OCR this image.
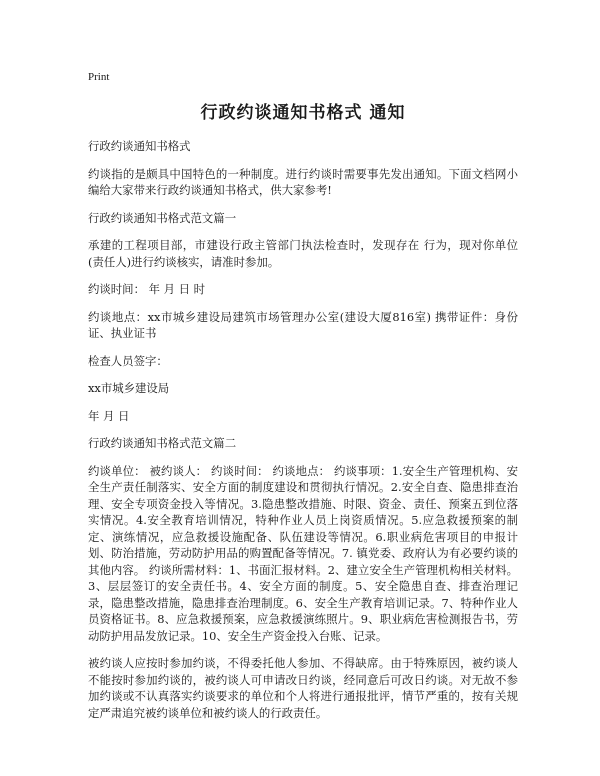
Print
行政约谈通知书格式 通知

行政约谈通知书格式

约谈指的是颇具中国特色的一种制度。进行约谈时需要事先发出通知。下面文档网小编给大家带来行政约谈通知书格式，供大家参考!

行政约谈通知书格式范文篇一

承建的工程项目部，市建设行政主管部门执法检查时，发现存在 行为，现对你单位 (责任人)进行约谈核实，请准时参加。

约谈时间： 年 月 日 时

约谈地点：xx市城乡建设局建筑市场管理办公室(建设大厦816室) 携带证件：身份证、执业证书

检查人员签字：

xx市城乡建设局

年 月 日

行政约谈通知书格式范文篇二

约谈单位： 被约谈人： 约谈时间： 约谈地点： 约谈事项：1.安全生产管理机构、安全生产责任制落实、安全方面的制度建设和贯彻执行情况。2.安全自查、隐患排查治理、安全专项资金投入等情况。3.隐患整改措施、时限、资金、责任、预案五到位落实情况。4.安全教育培训情况，特种作业人员上岗资质情况。5.应急救援预案的制定、演练情况，应急救援设施配备、队伍建设等情况。6.职业病危害项目的申报计划、防治措施，劳动防护用品的购置配备等情况。7. 镇党委、政府认为有必要约谈的其他内容。 约谈所需材料：1、书面汇报材料。2、建立安全生产管理机构相关材料。3、层层签订的安全责任书。4、安全方面的制度。5、安全隐患自查、排查治理记录，隐患整改措施，隐患排查治理制度。6、安全生产教育培训记录。7、特种作业人员资格证书。8、应急救援预案，应急救援演练照片。9、职业病危害检测报告书，劳动防护用品发放记录。10、安全生产资金投入台账、记录。

被约谈人应按时参加约谈，不得委托他人参加、不得缺席。由于特殊原因，被约谈人不能按时参加约谈的，被约谈人可申请改日约谈，经同意后可改日约谈。对无故不参加约谈或不认真落实约谈要求的单位和个人将进行通报批评，情节严重的，按有关规定严肃追究被约谈单位和被约谈人的行政责任。
